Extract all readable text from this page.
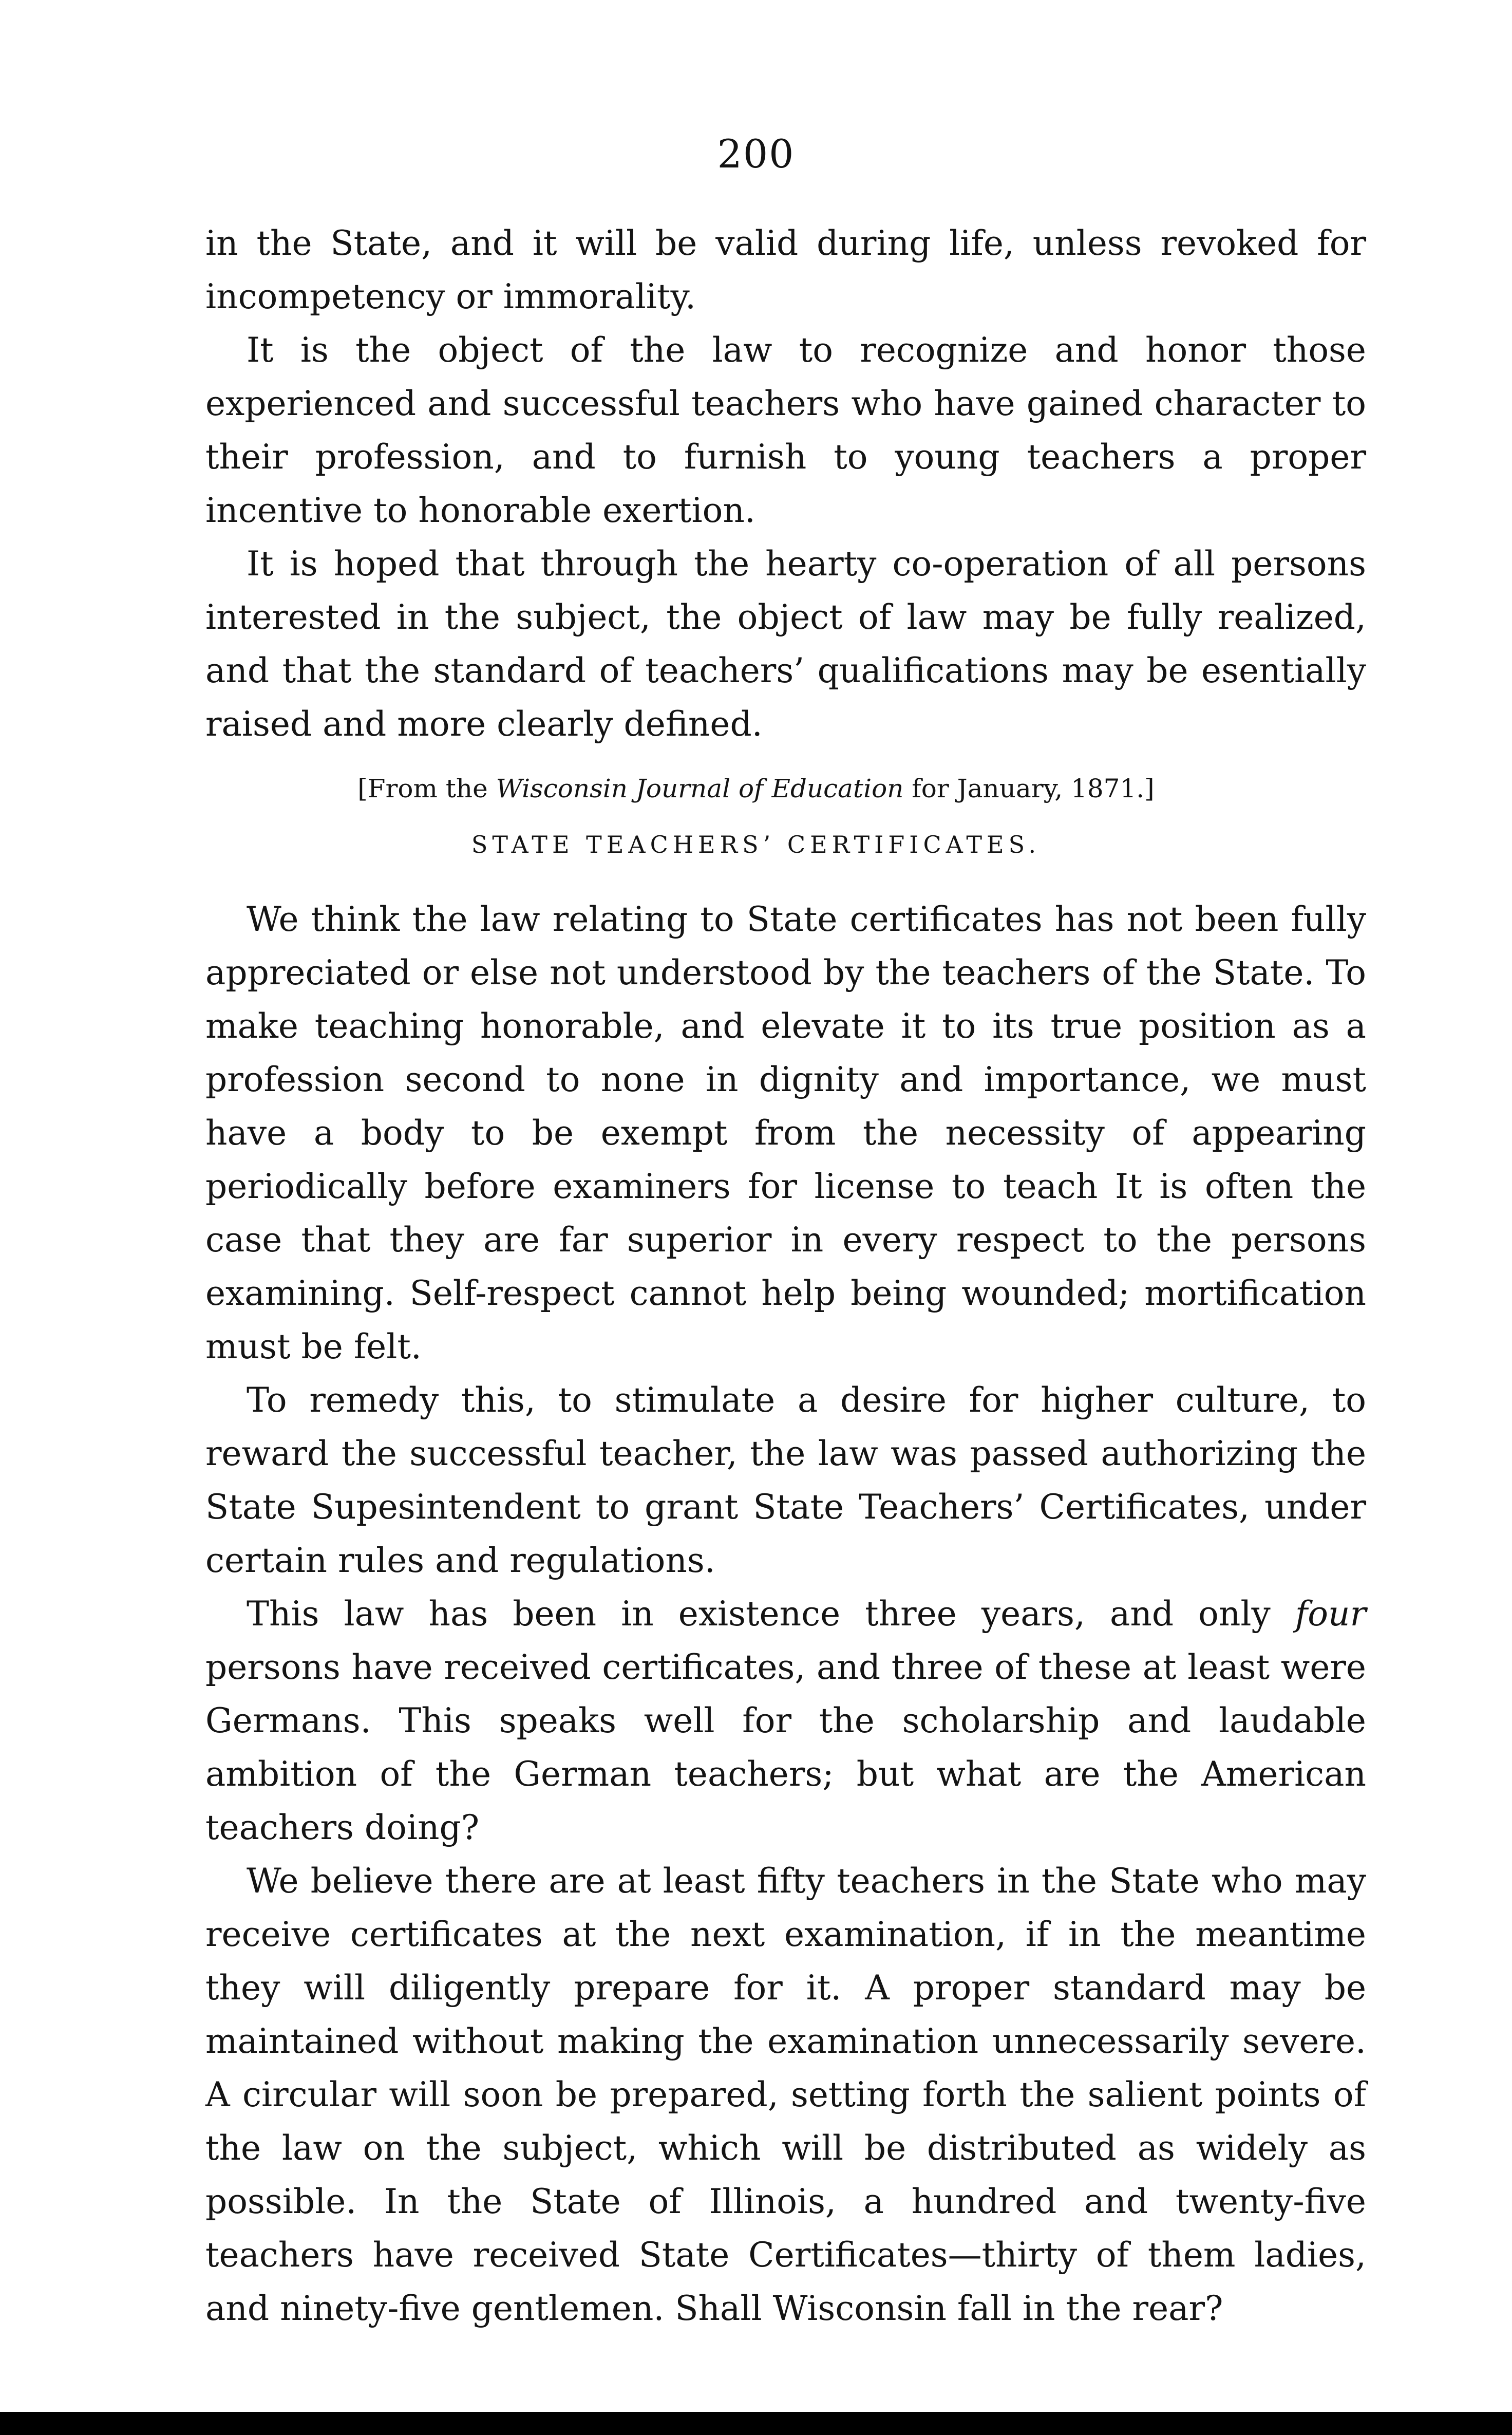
200

in the State, and it will be valid during life, unless revoked for incompetency or immorality.

It is the object of the law to recognize and honor those experienced and successful teachers who have gained character to their profession, and to furnish to young teachers a proper incentive to honorable exertion.

It is hoped that through the hearty co-operation of all persons interested in the subject, the object of law may be fully realized, and that the standard of teachers’ qualifications may be esentially raised and more clearly defined.

[From the Wisconsin Journal of Education for January, 1871.]
STATE TEACHERS’ CERTIFICATES.

We think the law relating to State certificates has not been fully appreciated or else not understood by the teachers of the State. To make teaching honorable, and elevate it to its true position as a profession second to none in dignity and importance, we must have a body to be exempt from the necessity of appearing periodically before examiners for license to teach It is often the case that they are far superior in every respect to the persons examining. Self-respect cannot help being wounded; mortification must be felt.

To remedy this, to stimulate a desire for higher culture, to reward the successful teacher, the law was passed authorizing the State Supesintendent to grant State Teachers’ Certificates, under certain rules and regulations.

This law has been in existence three years, and only four persons have received certificates, and three of these at least were Germans. This speaks well for the scholarship and laudable ambition of the German teachers; but what are the American teachers doing?

We believe there are at least fifty teachers in the State who may receive certificates at the next examination, if in the meantime they will diligently prepare for it. A proper standard may be maintained without making the examination unnecessarily severe. A circular will soon be prepared, setting forth the salient points of the law on the subject, which will be distributed as widely as possible. In the State of Illinois, a hundred and twenty-five teachers have received State Certificates—thirty of them ladies, and ninety-five gentlemen. Shall Wisconsin fall in the rear?
